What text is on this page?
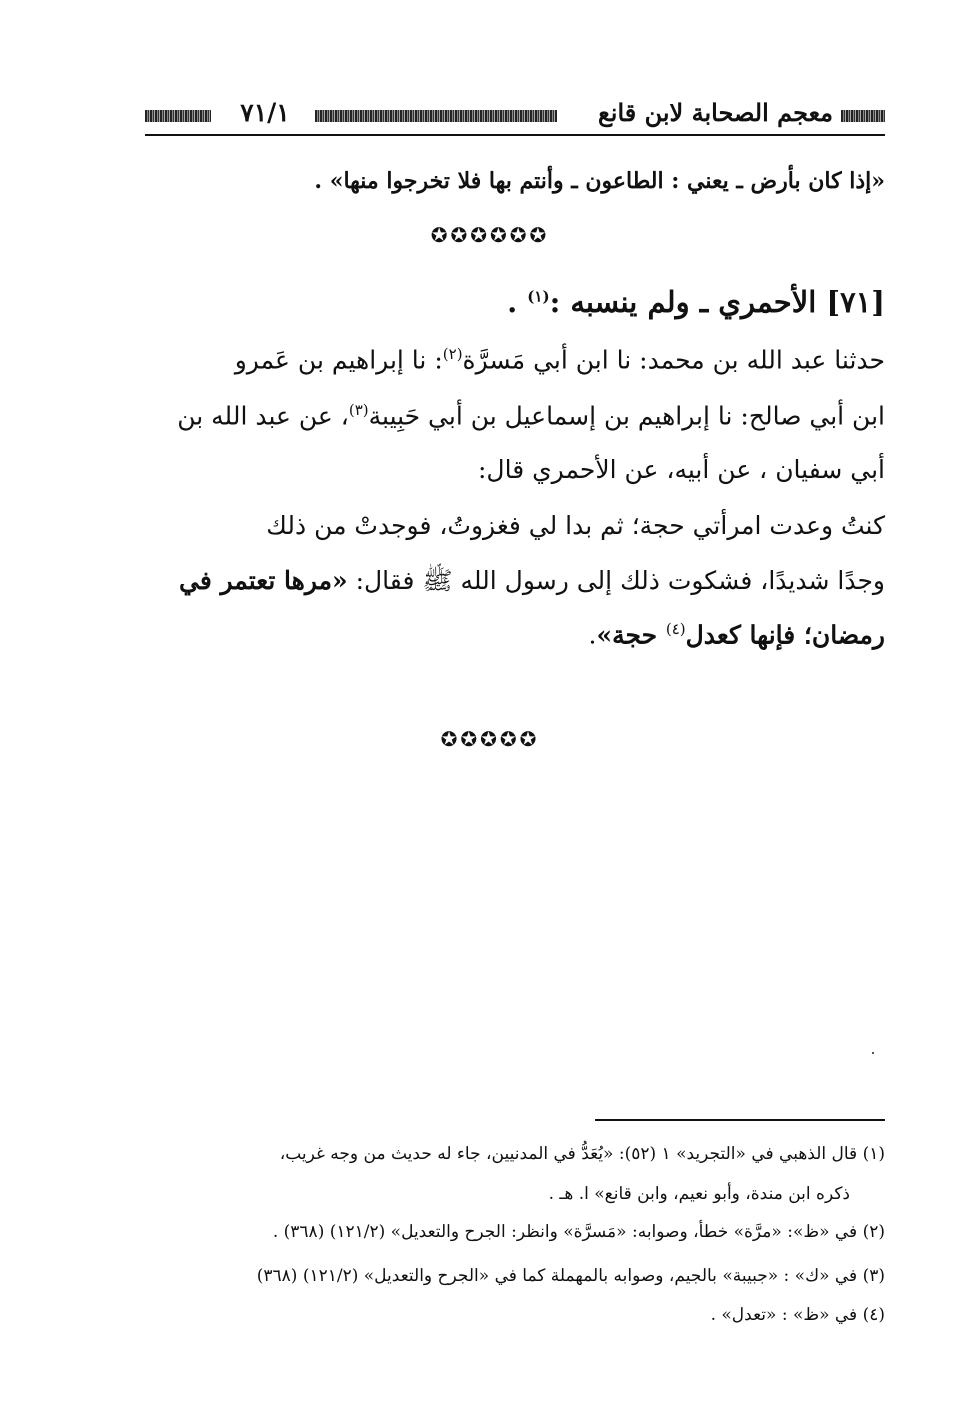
٧١/١	معجم الصحابة لابن قانع
«إذا كان بأرض ـ يعني : الطاعون ـ وأنتم بها فلا تخرجوا منها» .
✪✪✪✪✪✪
[٧١] الأحمري ـ ولم ينسبه :$^{(١)}$ .
حدثنا عبد الله بن محمد: نا ابن أبي مَسرَّة$^{(٢)}$: نا إبراهيم بن عَمرو
ابن أبي صالح: نا إبراهيم بن إسماعيل بن أبي حَبِيبة$^{(٣)}$، عن عبد الله بن
أبي سفيان ، عن أبيه، عن الأحمري قال:
كنتُ وعدت امرأتي حجة؛ ثم بدا لي فغزوتُ، فوجدتْ من ذلك
وجدًا شديدًا، فشكوت ذلك إلى رسول الله ﷺ فقال: «مرها تعتمر في
رمضان؛ فإنها كعدل$^{(٤)}$ حجة».
✪✪✪✪✪
(١) قال الذهبي في «التجريد» ١ (٥٢): «يُعَدُّ في المدنيين، جاء له حديث من وجه غريب،
ذكره ابن مندة، وأبو نعيم، وابن قانع» ا. هـ .
(٢) في «ظ»: «مرَّة» خطأ، وصوابه: «مَسرَّة» وانظر: الجرح والتعديل» (١٢١/٢) (٣٦٨) .
(٣) في «ك» : «جبيبة» بالجيم، وصوابه بالمهملة كما في «الجرح والتعديل» (١٢١/٢) (٣٦٨)
(٤) في «ظ» : «تعدل» .
